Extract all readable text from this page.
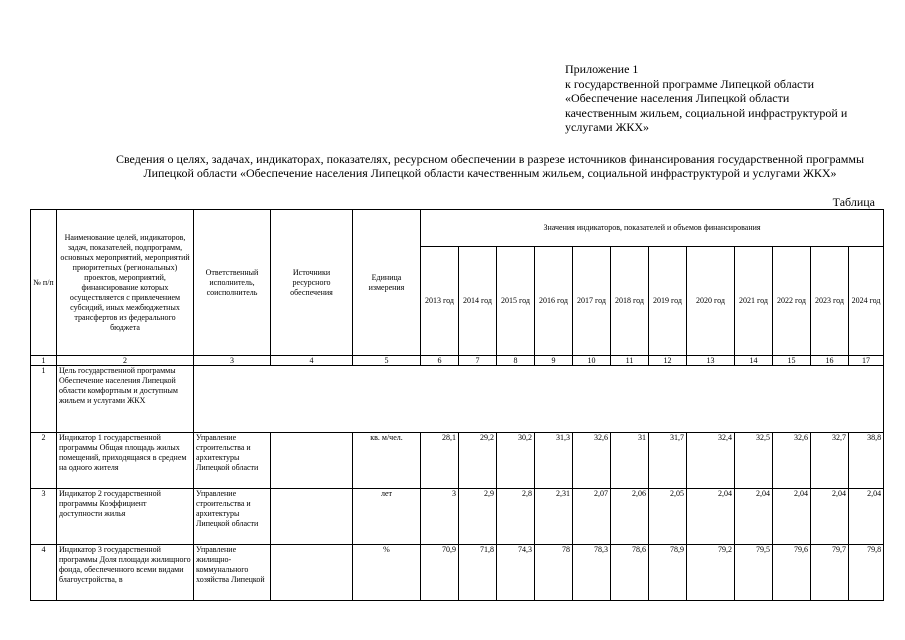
Приложение 1
к государственной программе Липецкой области
«Обеспечение населения Липецкой области
качественным жильем, социальной инфраструктурой и
услугами ЖКХ»
Сведения о целях, задачах, индикаторах, показателях, ресурсном обеспечении в разрезе источников финансирования государственной программы
Липецкой области «Обеспечение населения Липецкой области качественным жильем, социальной инфраструктурой и услугами ЖКХ»
Таблица
№ п/п	Наименование целей, индикаторов, задач, показателей, подпрограмм, основных мероприятий, мероприятий приоритетных (региональных) проектов, мероприятий, финансирование которых осуществляется с привлечением субсидий, иных межбюджетных трансфертов из федерального бюджета	Ответственный исполнитель, соисполнитель	Источники ресурсного обеспечения	Единица измерения	Значения индикаторов, показателей и объемов финансирования											
					2013 год	2014 год	2015 год	2016 год	2017 год	2018 год	2019 год	2020 год	2021 год	2022 год	2023 год	2024 год
1	2	3	4	5	6	7	8	9	10	11	12	13	14	15	16	17
1	Цель государственной программы Обеспечение населения Липецкой области комфортным и доступным жильем и услугами ЖКХ															
2	Индикатор 1 государственной программы Общая площадь жилых помещений, приходящаяся в среднем на одного жителя	Управление строительства и архитектуры Липецкой области		кв. м/чел.	28,1	29,2	30,2	31,3	32,6	31	31,7	32,4	32,5	32,6	32,7	38,8
3	Индикатор 2 государственной программы Коэффициент доступности жилья	Управление строительства и архитектуры Липецкой области		лет	3	2,9	2,8	2,31	2,07	2,06	2,05	2,04	2,04	2,04	2,04	2,04
4	Индикатор 3 государственной программы Доля площади жилищного фонда, обеспеченного всеми видами благоустройства, в	Управление жилищно-коммунального хозяйства Липецкой		%	70,9	71,8	74,3	78	78,3	78,6	78,9	79,2	79,5	79,6	79,7	79,8
